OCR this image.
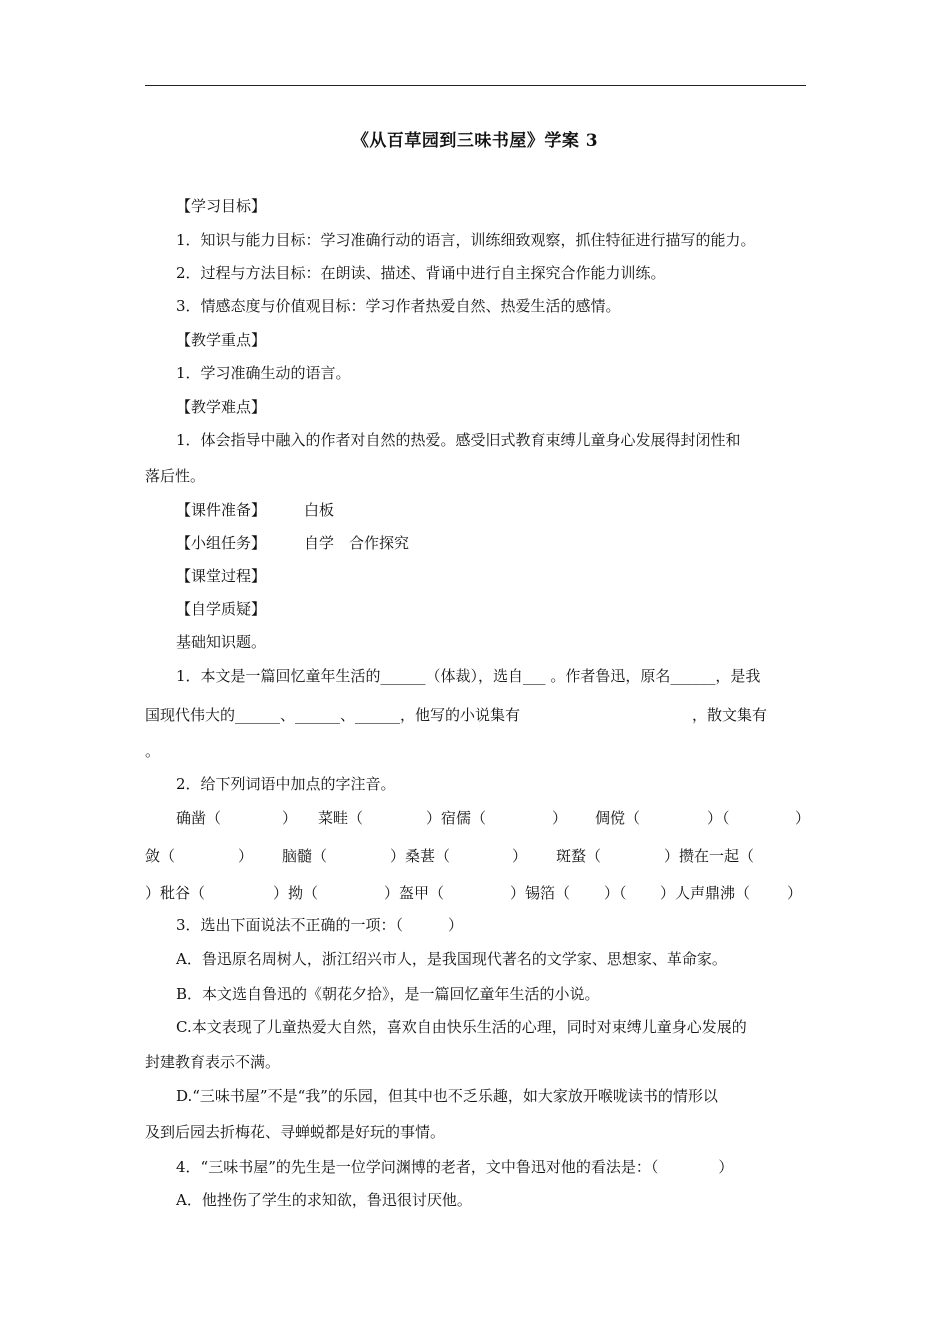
《从百草园到三味书屋》学案 3
【学习目标】
1．知识与能力目标：学习准确行动的语言，训练细致观察，抓住特征进行描写的能力。
2．过程与方法目标：在朗读、描述、背诵中进行自主探究合作能力训练。
3．情感态度与价值观目标：学习作者热爱自然、热爱生活的感情。
【教学重点】
1．学习准确生动的语言。
【教学难点】
1．体会指导中融入的作者对自然的热爱。感受旧式教育束缚儿童身心发展得封闭性和
落后性。
【课件准备】	白板
【小组任务】	自学　合作探究
【课堂过程】
【自学质疑】
基础知识题。
1．本文是一篇回忆童年生活的______（体裁），选自___ 。作者鲁迅，原名______，是我
国现代伟大的______、______、______，他写的小说集有	，散文集有
。
2．给下列词语中加点的字注音。
确凿（	） 菜畦（	）宿儒（	） 倜傥（	）（	）
敛（	） 脑髓（	）桑葚（	） 斑蝥（	）攒在一起（
）秕谷（	）拗（	）盔甲（	）锡箔（ ）（ ）人声鼎沸（ ）
3．选出下面说法不正确的一项：（　　　）
A．鲁迅原名周树人，浙江绍兴市人，是我国现代著名的文学家、思想家、革命家。
B．本文选自鲁迅的《朝花夕拾》，是一篇回忆童年生活的小说。
C.本文表现了儿童热爱大自然，喜欢自由快乐生活的心理，同时对束缚儿童身心发展的
封建教育表示不满。
D.“三味书屋”不是“我”的乐园，但其中也不乏乐趣，如大家放开喉咙读书的情形以
及到后园去折梅花、寻蝉蜕都是好玩的事情。
4．“三味书屋”的先生是一位学问渊博的老者，文中鲁迅对他的看法是：（　　　　）
A．他挫伤了学生的求知欲，鲁迅很讨厌他。
